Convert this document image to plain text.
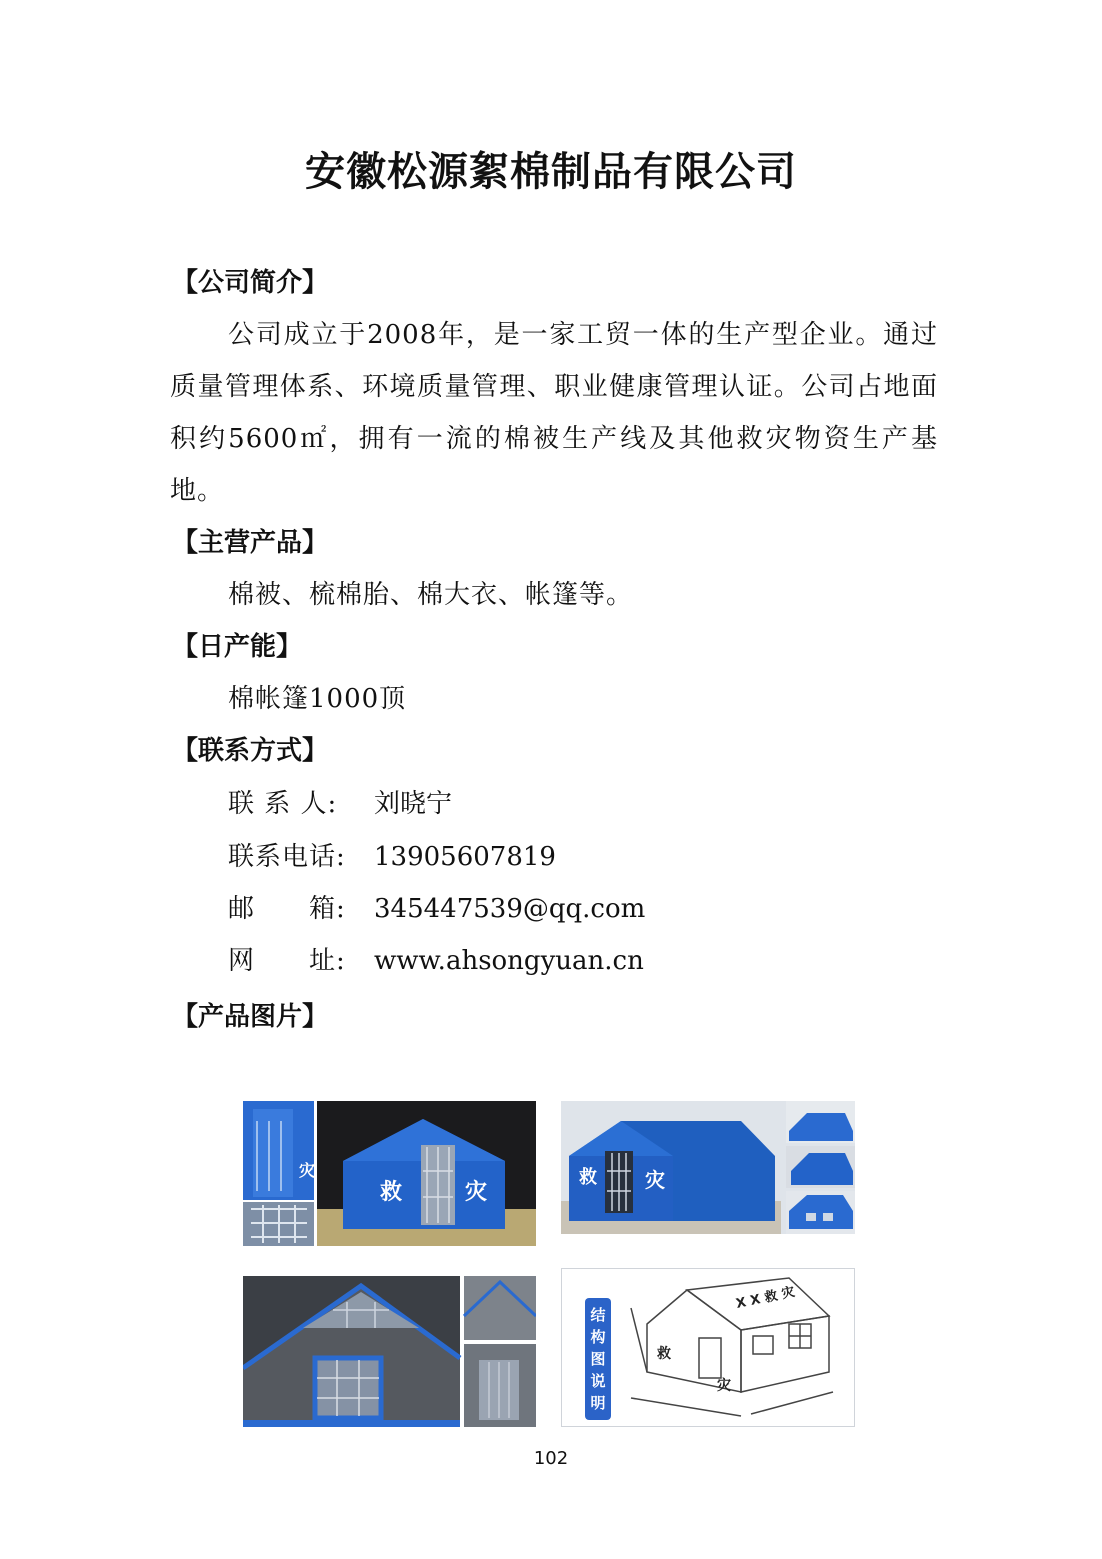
安徽松源絮棉制品有限公司
【公司简介】
公司成立于2008年，是一家工贸一体的生产型企业。通过质量管理体系、环境质量管理、职业健康管理认证。公司占地面积约5600㎡，拥有一流的棉被生产线及其他救灾物资生产基地。
【主营产品】
棉被、梳棉胎、棉大衣、帐篷等。
【日产能】
棉帐篷1000顶
【联系方式】
联 系 人: 刘晓宁
联系电话: 13905607819
邮　　箱: 345447539@qq.com
网　　址: www.ahsongyuan.cn
【产品图片】
灾
救	灾
救 灾
结
构
图
说
明
救
灾
X X 救 灾
102
